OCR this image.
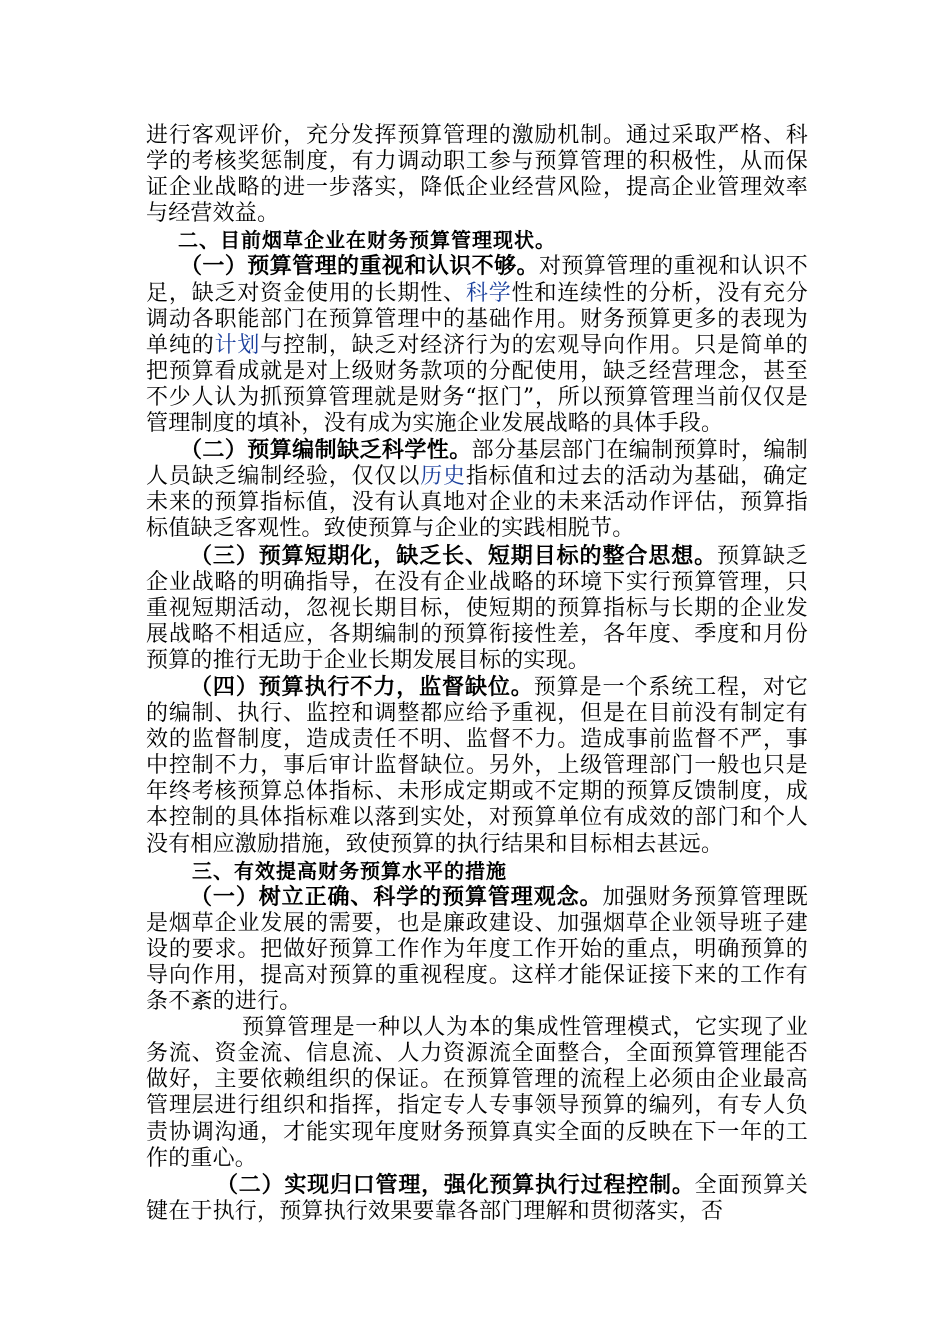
进行客观评价，充分发挥预算管理的激励机制。通过采取严格、科学的考核奖惩制度，有力调动职工参与预算管理的积极性，从而保证企业战略的进一步落实，降低企业经营风险，提高企业管理效率与经营效益。

二、目前烟草企业在财务预算管理现状。

（一）预算管理的重视和认识不够。对预算管理的重视和认识不足，缺乏对资金使用的长期性、科学性和连续性的分析，没有充分调动各职能部门在预算管理中的基础作用。财务预算更多的表现为单纯的计划与控制，缺乏对经济行为的宏观导向作用。只是简单的把预算看成就是对上级财务款项的分配使用，缺乏经营理念，甚至不少人认为抓预算管理就是财务“抠门”，所以预算管理当前仅仅是管理制度的填补，没有成为实施企业发展战略的具体手段。

（二）预算编制缺乏科学性。部分基层部门在编制预算时，编制人员缺乏编制经验，仅仅以历史指标值和过去的活动为基础，确定未来的预算指标值，没有认真地对企业的未来活动作评估，预算指标值缺乏客观性。致使预算与企业的实践相脱节。

（三）预算短期化，缺乏长、短期目标的整合思想。预算缺乏企业战略的明确指导，在没有企业战略的环境下实行预算管理，只重视短期活动，忽视长期目标，使短期的预算指标与长期的企业发展战略不相适应，各期编制的预算衔接性差，各年度、季度和月份预算的推行无助于企业长期发展目标的实现。

（四）预算执行不力，监督缺位。预算是一个系统工程，对它的编制、执行、监控和调整都应给予重视，但是在目前没有制定有效的监督制度，造成责任不明、监督不力。造成事前监督不严，事中控制不力，事后审计监督缺位。另外，上级管理部门一般也只是年终考核预算总体指标、未形成定期或不定期的预算反馈制度，成本控制的具体指标难以落到实处，对预算单位有成效的部门和个人没有相应激励措施，致使预算的执行结果和目标相去甚远。

三、有效提高财务预算水平的措施

（一）树立正确、科学的预算管理观念。加强财务预算管理既是烟草企业发展的需要，也是廉政建设、加强烟草企业领导班子建设的要求。把做好预算工作作为年度工作开始的重点，明确预算的导向作用，提高对预算的重视程度。这样才能保证接下来的工作有条不紊的进行。

预算管理是一种以人为本的集成性管理模式，它实现了业务流、资金流、信息流、人力资源流全面整合，全面预算管理能否做好，主要依赖组织的保证。在预算管理的流程上必须由企业最高管理层进行组织和指挥，指定专人专事领导预算的编列，有专人负责协调沟通，才能实现年度财务预算真实全面的反映在下一年的工作的重心。

（二）实现归口管理，强化预算执行过程控制。全面预算关键在于执行，预算执行效果要靠各部门理解和贯彻落实，否
